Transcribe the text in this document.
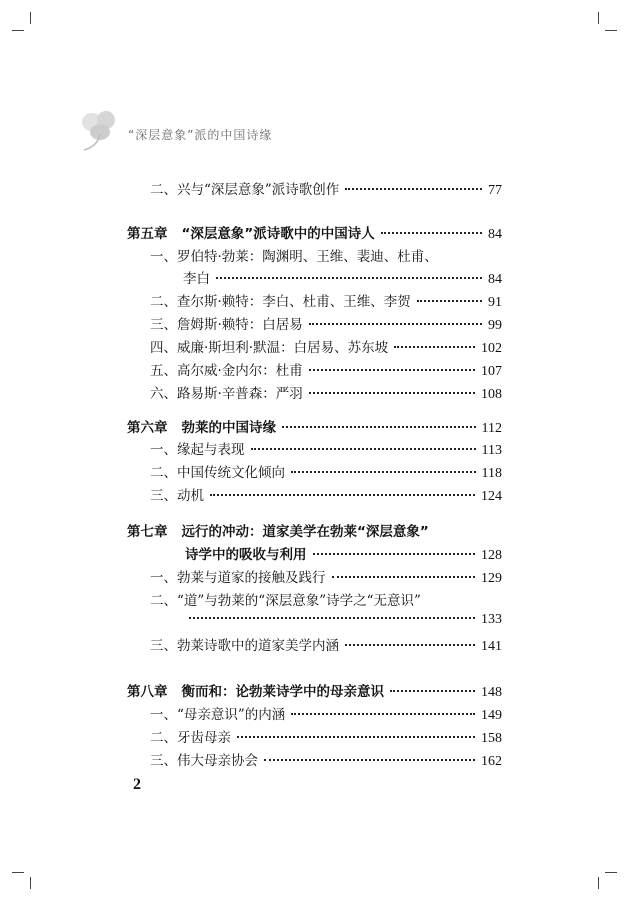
“深层意象”派的中国诗缘
二、兴与“深层意象”派诗歌创作	77
第五章 “深层意象”派诗歌中的中国诗人	84
一、罗伯特·勃莱：陶渊明、王维、裴迪、杜甫、
李白	84
二、查尔斯·赖特：李白、杜甫、王维、李贺	91
三、詹姆斯·赖特：白居易	99
四、威廉·斯坦利·默温：白居易、苏东坡	102
五、高尔威·金内尔：杜甫	107
六、路易斯·辛普森：严羽	108
第六章 勃莱的中国诗缘	112
一、缘起与表现	113
二、中国传统文化倾向	118
三、动机	124
第七章 远行的冲动：道家美学在勃莱“深层意象”
诗学中的吸收与利用	128
一、勃莱与道家的接触及践行	129
二、“道”与勃莱的“深层意象”诗学之“无意识”
133
三、勃莱诗歌中的道家美学内涵	141
第八章 衡而和：论勃莱诗学中的母亲意识	148
一、“母亲意识”的内涵	149
二、牙齿母亲	158
三、伟大母亲协会	162
2
